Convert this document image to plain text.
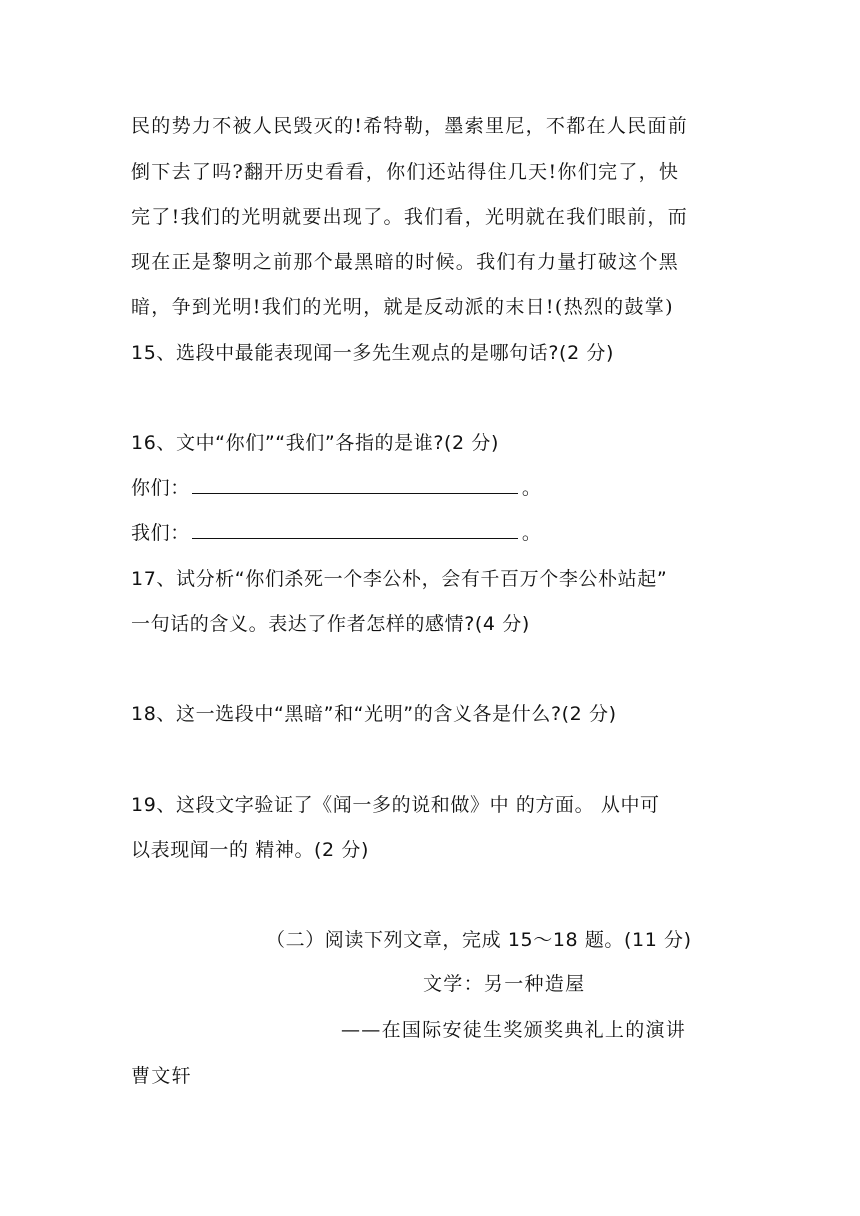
民的势力不被人民毁灭的!希特勒，墨索里尼，不都在人民面前
倒下去了吗?翻开历史看看，你们还站得住几天!你们完了，快
完了!我们的光明就要出现了。我们看，光明就在我们眼前，而
现在正是黎明之前那个最黑暗的时候。我们有力量打破这个黑
暗，争到光明!我们的光明，就是反动派的末日!(热烈的鼓掌)
15、选段中最能表现闻一多先生观点的是哪句话?(2 分)
16、文中“你们”“我们”各指的是谁?(2 分)
你们：	。
我们：	。
17、试分析“你们杀死一个李公朴，会有千百万个李公朴站起”
一句话的含义。表达了作者怎样的感情?(4 分)
18、这一选段中“黑暗”和“光明”的含义各是什么?(2 分)
19、这段文字验证了《闻一多的说和做》中 的方面。 从中可
以表现闻一的 精神。(2 分)
（二）阅读下列文章，完成 15～18 题。(11 分)
文学：另一种造屋
——在国际安徒生奖颁奖典礼上的演讲
曹文轩
